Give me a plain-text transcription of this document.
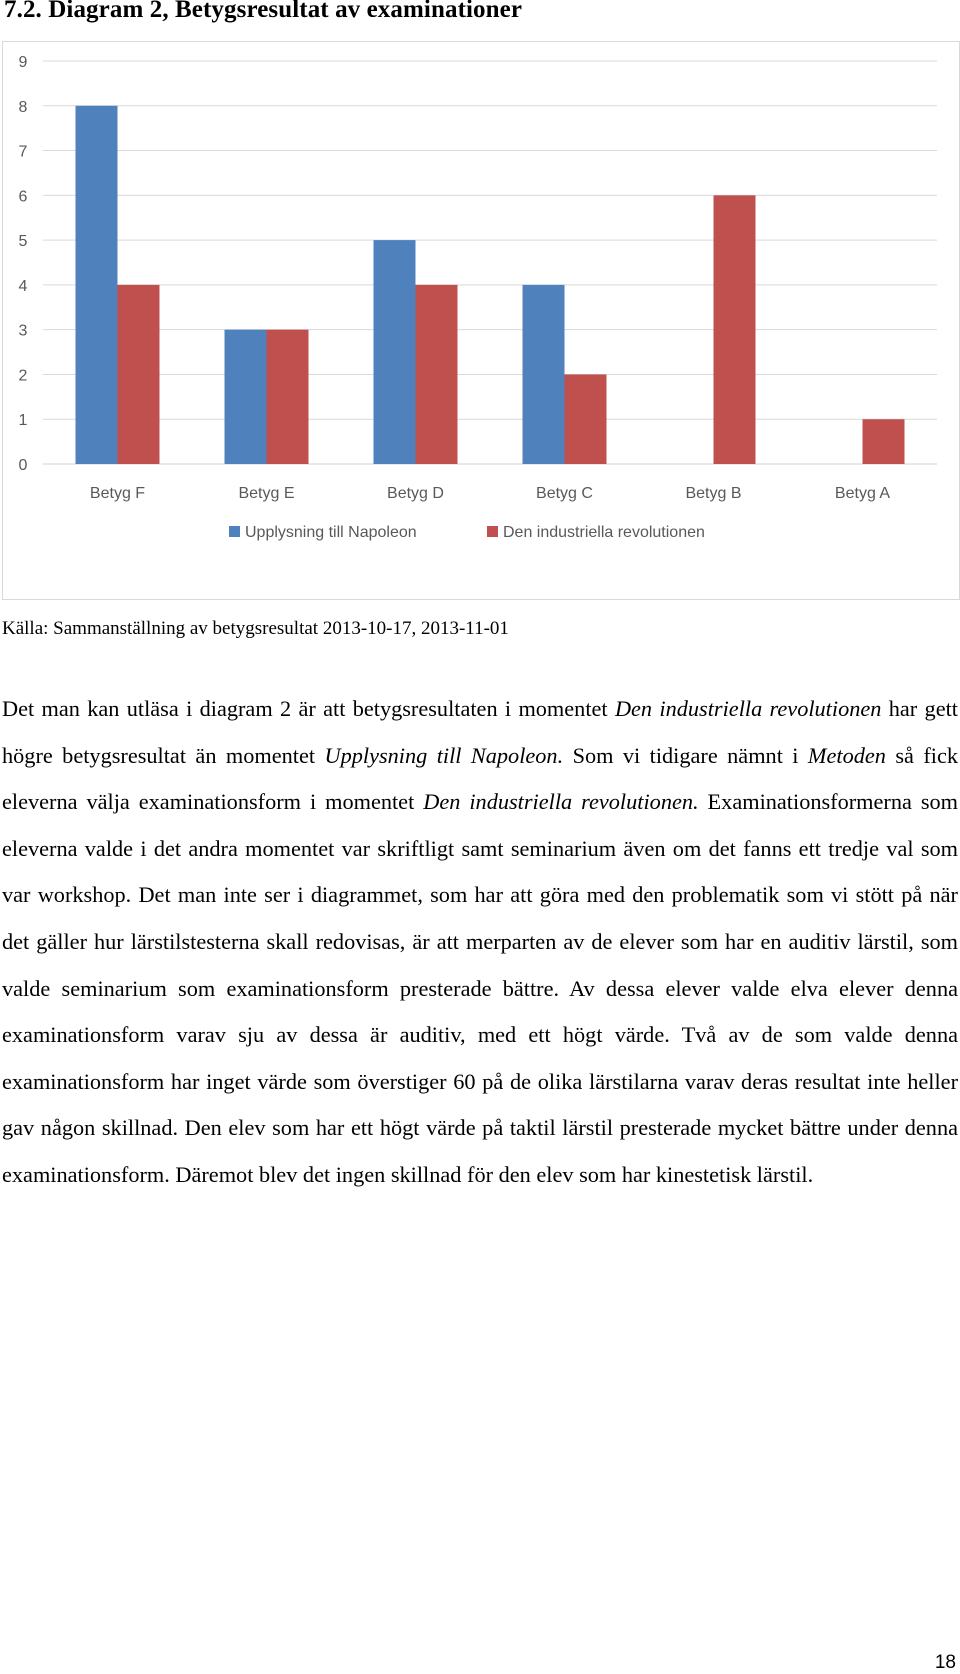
7.2. Diagram 2, Betygsresultat av examinationer
0
1
2
3
4
5
6
7
8
9
Betyg F	Betyg E	Betyg D	Betyg C	Betyg B	Betyg A
Upplysning till Napoleon	Den industriella revolutionen
Källa: Sammanställning av betygsresultat 2013-10-17, 2013-11-01

Det man kan utläsa i diagram 2 är att betygsresultaten i momentet Den industriella revolutionen har gett högre betygsresultat än momentet Upplysning till Napoleon. Som vi tidigare nämnt i Metoden så fick eleverna välja examinationsform i momentet Den industriella revolutionen. Examinationsformerna som eleverna valde i det andra momentet var skriftligt samt seminarium även om det fanns ett tredje val som var workshop. Det man inte ser i diagrammet, som har att göra med den problematik som vi stött på när det gäller hur lärstilstesterna skall redovisas, är att merparten av de elever som har en auditiv lärstil, som valde seminarium som examinationsform presterade bättre. Av dessa elever valde elva elever denna examinationsform varav sju av dessa är auditiv, med ett högt värde. Två av de som valde denna examinationsform har inget värde som överstiger 60 på de olika lärstilarna varav deras resultat inte heller gav någon skillnad. Den elev som har ett högt värde på taktil lärstil presterade mycket bättre under denna examinationsform. Däremot blev det ingen skillnad för den elev som har kinestetisk lärstil.

18
